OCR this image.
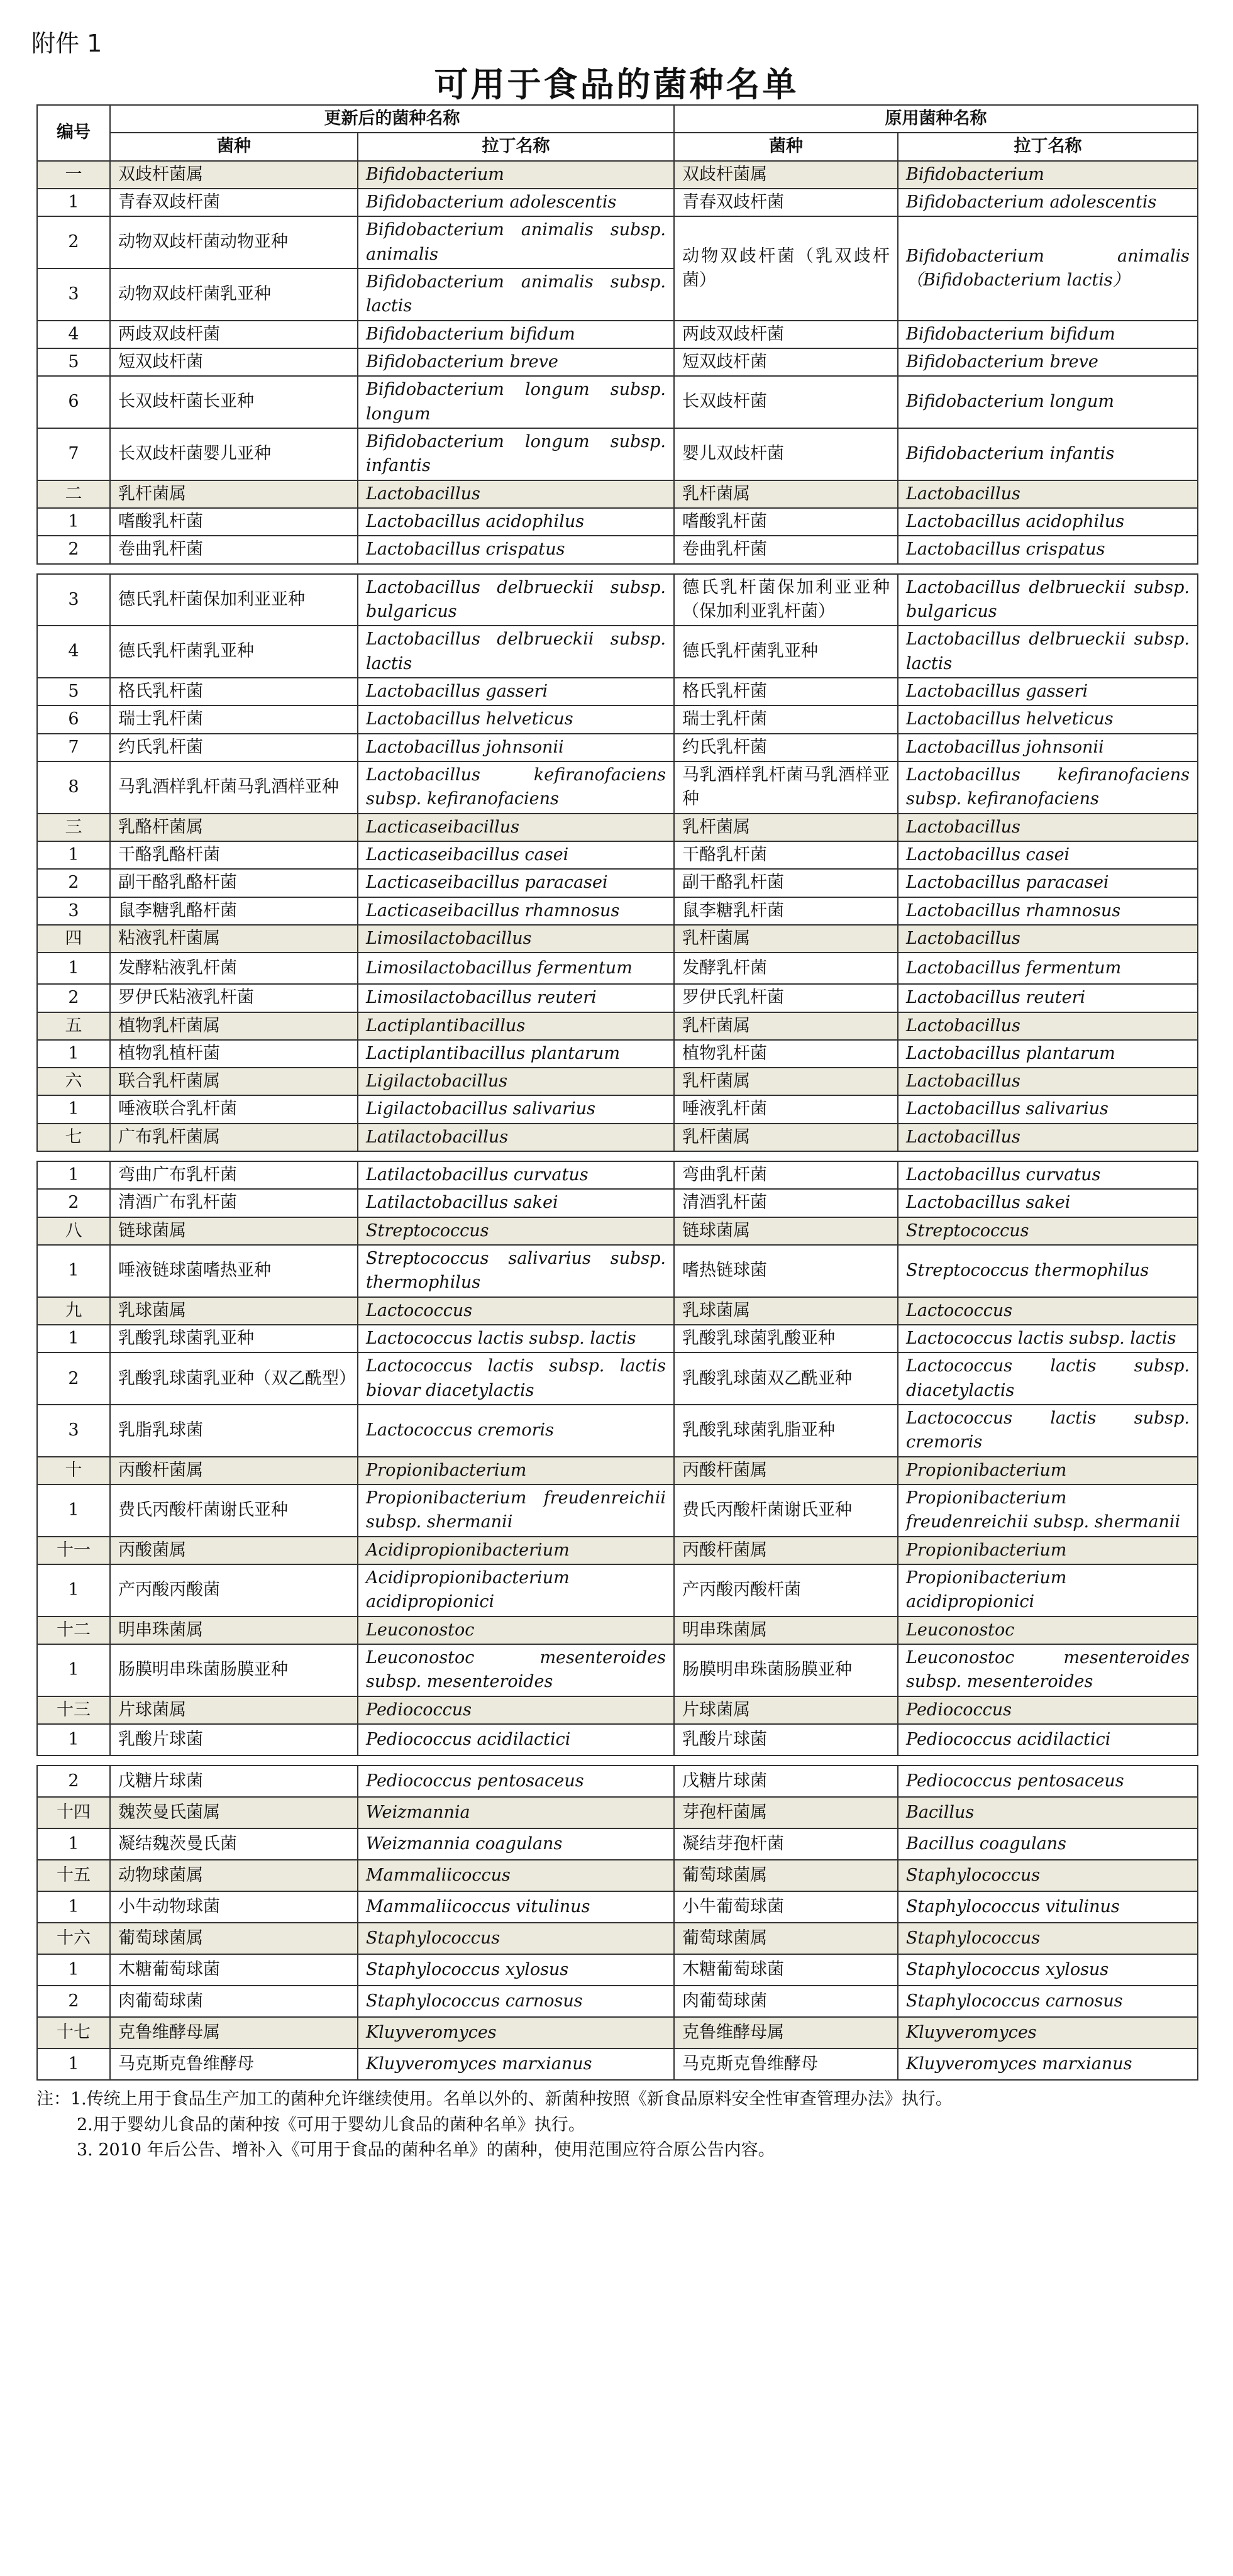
附件 1
可用于食品的菌种名单
编号	更新后的菌种名称		原用菌种名称	
	菌种	拉丁名称	菌种	拉丁名称
一	双歧杆菌属	Bifidobacterium	双歧杆菌属	Bifidobacterium
1	青春双歧杆菌	Bifidobacterium adolescentis	青春双歧杆菌	Bifidobacterium adolescentis
2	动物双歧杆菌动物亚种	Bifidobacterium animalis subsp. animalis	动物双歧杆菌（乳双歧杆菌）	Bifidobacterium animalis （Bifidobacterium lactis）
3	动物双歧杆菌乳亚种	Bifidobacterium animalis subsp. lactis		
4	两歧双歧杆菌	Bifidobacterium bifidum	两歧双歧杆菌	Bifidobacterium bifidum
5	短双歧杆菌	Bifidobacterium breve	短双歧杆菌	Bifidobacterium breve
6	长双歧杆菌长亚种	Bifidobacterium longum subsp. longum	长双歧杆菌	Bifidobacterium longum
7	长双歧杆菌婴儿亚种	Bifidobacterium longum subsp. infantis	婴儿双歧杆菌	Bifidobacterium infantis
二	乳杆菌属	Lactobacillus	乳杆菌属	Lactobacillus
1	嗜酸乳杆菌	Lactobacillus acidophilus	嗜酸乳杆菌	Lactobacillus acidophilus
2	卷曲乳杆菌	Lactobacillus crispatus	卷曲乳杆菌	Lactobacillus crispatus
3	德氏乳杆菌保加利亚亚种	Lactobacillus delbrueckii subsp. bulgaricus	德氏乳杆菌保加利亚亚种（保加利亚乳杆菌）	Lactobacillus delbrueckii subsp. bulgaricus
4	德氏乳杆菌乳亚种	Lactobacillus delbrueckii subsp. lactis	德氏乳杆菌乳亚种	Lactobacillus delbrueckii subsp. lactis
5	格氏乳杆菌	Lactobacillus gasseri	格氏乳杆菌	Lactobacillus gasseri
6	瑞士乳杆菌	Lactobacillus helveticus	瑞士乳杆菌	Lactobacillus helveticus
7	约氏乳杆菌	Lactobacillus johnsonii	约氏乳杆菌	Lactobacillus johnsonii
8	马乳酒样乳杆菌马乳酒样亚种	Lactobacillus kefiranofaciens subsp. kefiranofaciens	马乳酒样乳杆菌马乳酒样亚种	Lactobacillus kefiranofaciens subsp. kefiranofaciens
三	乳酪杆菌属	Lacticaseibacillus	乳杆菌属	Lactobacillus
1	干酪乳酪杆菌	Lacticaseibacillus casei	干酪乳杆菌	Lactobacillus casei
2	副干酪乳酪杆菌	Lacticaseibacillus paracasei	副干酪乳杆菌	Lactobacillus paracasei
3	鼠李糖乳酪杆菌	Lacticaseibacillus rhamnosus	鼠李糖乳杆菌	Lactobacillus rhamnosus
四	粘液乳杆菌属	Limosilactobacillus	乳杆菌属	Lactobacillus
1	发酵粘液乳杆菌	Limosilactobacillus fermentum	发酵乳杆菌	Lactobacillus fermentum
2	罗伊氏粘液乳杆菌	Limosilactobacillus reuteri	罗伊氏乳杆菌	Lactobacillus reuteri
五	植物乳杆菌属	Lactiplantibacillus	乳杆菌属	Lactobacillus
1	植物乳植杆菌	Lactiplantibacillus plantarum	植物乳杆菌	Lactobacillus plantarum
六	联合乳杆菌属	Ligilactobacillus	乳杆菌属	Lactobacillus
1	唾液联合乳杆菌	Ligilactobacillus salivarius	唾液乳杆菌	Lactobacillus salivarius
七	广布乳杆菌属	Latilactobacillus	乳杆菌属	Lactobacillus
1	弯曲广布乳杆菌	Latilactobacillus curvatus	弯曲乳杆菌	Lactobacillus curvatus
2	清酒广布乳杆菌	Latilactobacillus sakei	清酒乳杆菌	Lactobacillus sakei
八	链球菌属	Streptococcus	链球菌属	Streptococcus
1	唾液链球菌嗜热亚种	Streptococcus salivarius subsp. thermophilus	嗜热链球菌	Streptococcus thermophilus
九	乳球菌属	Lactococcus	乳球菌属	Lactococcus
1	乳酸乳球菌乳亚种	Lactococcus lactis subsp. lactis	乳酸乳球菌乳酸亚种	Lactococcus lactis subsp. lactis
2	乳酸乳球菌乳亚种（双乙酰型）	Lactococcus lactis subsp. lactis biovar diacetylactis	乳酸乳球菌双乙酰亚种	Lactococcus lactis subsp. diacetylactis
3	乳脂乳球菌	Lactococcus cremoris	乳酸乳球菌乳脂亚种	Lactococcus lactis subsp. cremoris
十	丙酸杆菌属	Propionibacterium	丙酸杆菌属	Propionibacterium
1	费氏丙酸杆菌谢氏亚种	Propionibacterium freudenreichii subsp. shermanii	费氏丙酸杆菌谢氏亚种	Propionibacterium freudenreichii subsp. shermanii
十一	丙酸菌属	Acidipropionibacterium	丙酸杆菌属	Propionibacterium
1	产丙酸丙酸菌	Acidipropionibacterium acidipropionici	产丙酸丙酸杆菌	Propionibacterium acidipropionici
十二	明串珠菌属	Leuconostoc	明串珠菌属	Leuconostoc
1	肠膜明串珠菌肠膜亚种	Leuconostoc mesenteroides subsp. mesenteroides	肠膜明串珠菌肠膜亚种	Leuconostoc mesenteroides subsp. mesenteroides
十三	片球菌属	Pediococcus	片球菌属	Pediococcus
1	乳酸片球菌	Pediococcus acidilactici	乳酸片球菌	Pediococcus acidilactici
2	戊糖片球菌	Pediococcus pentosaceus	戊糖片球菌	Pediococcus pentosaceus
十四	魏茨曼氏菌属	Weizmannia	芽孢杆菌属	Bacillus
1	凝结魏茨曼氏菌	Weizmannia coagulans	凝结芽孢杆菌	Bacillus coagulans
十五	动物球菌属	Mammaliicoccus	葡萄球菌属	Staphylococcus
1	小牛动物球菌	Mammaliicoccus vitulinus	小牛葡萄球菌	Staphylococcus vitulinus
十六	葡萄球菌属	Staphylococcus	葡萄球菌属	Staphylococcus
1	木糖葡萄球菌	Staphylococcus xylosus	木糖葡萄球菌	Staphylococcus xylosus
2	肉葡萄球菌	Staphylococcus carnosus	肉葡萄球菌	Staphylococcus carnosus
十七	克鲁维酵母属	Kluyveromyces	克鲁维酵母属	Kluyveromyces
1	马克斯克鲁维酵母	Kluyveromyces marxianus	马克斯克鲁维酵母	Kluyveromyces marxianus
注：1.传统上用于食品生产加工的菌种允许继续使用。名单以外的、新菌种按照《新食品原料安全性审查管理办法》执行。
2.用于婴幼儿食品的菌种按《可用于婴幼儿食品的菌种名单》执行。
3. 2010 年后公告、增补入《可用于食品的菌种名单》的菌种，使用范围应符合原公告内容。
